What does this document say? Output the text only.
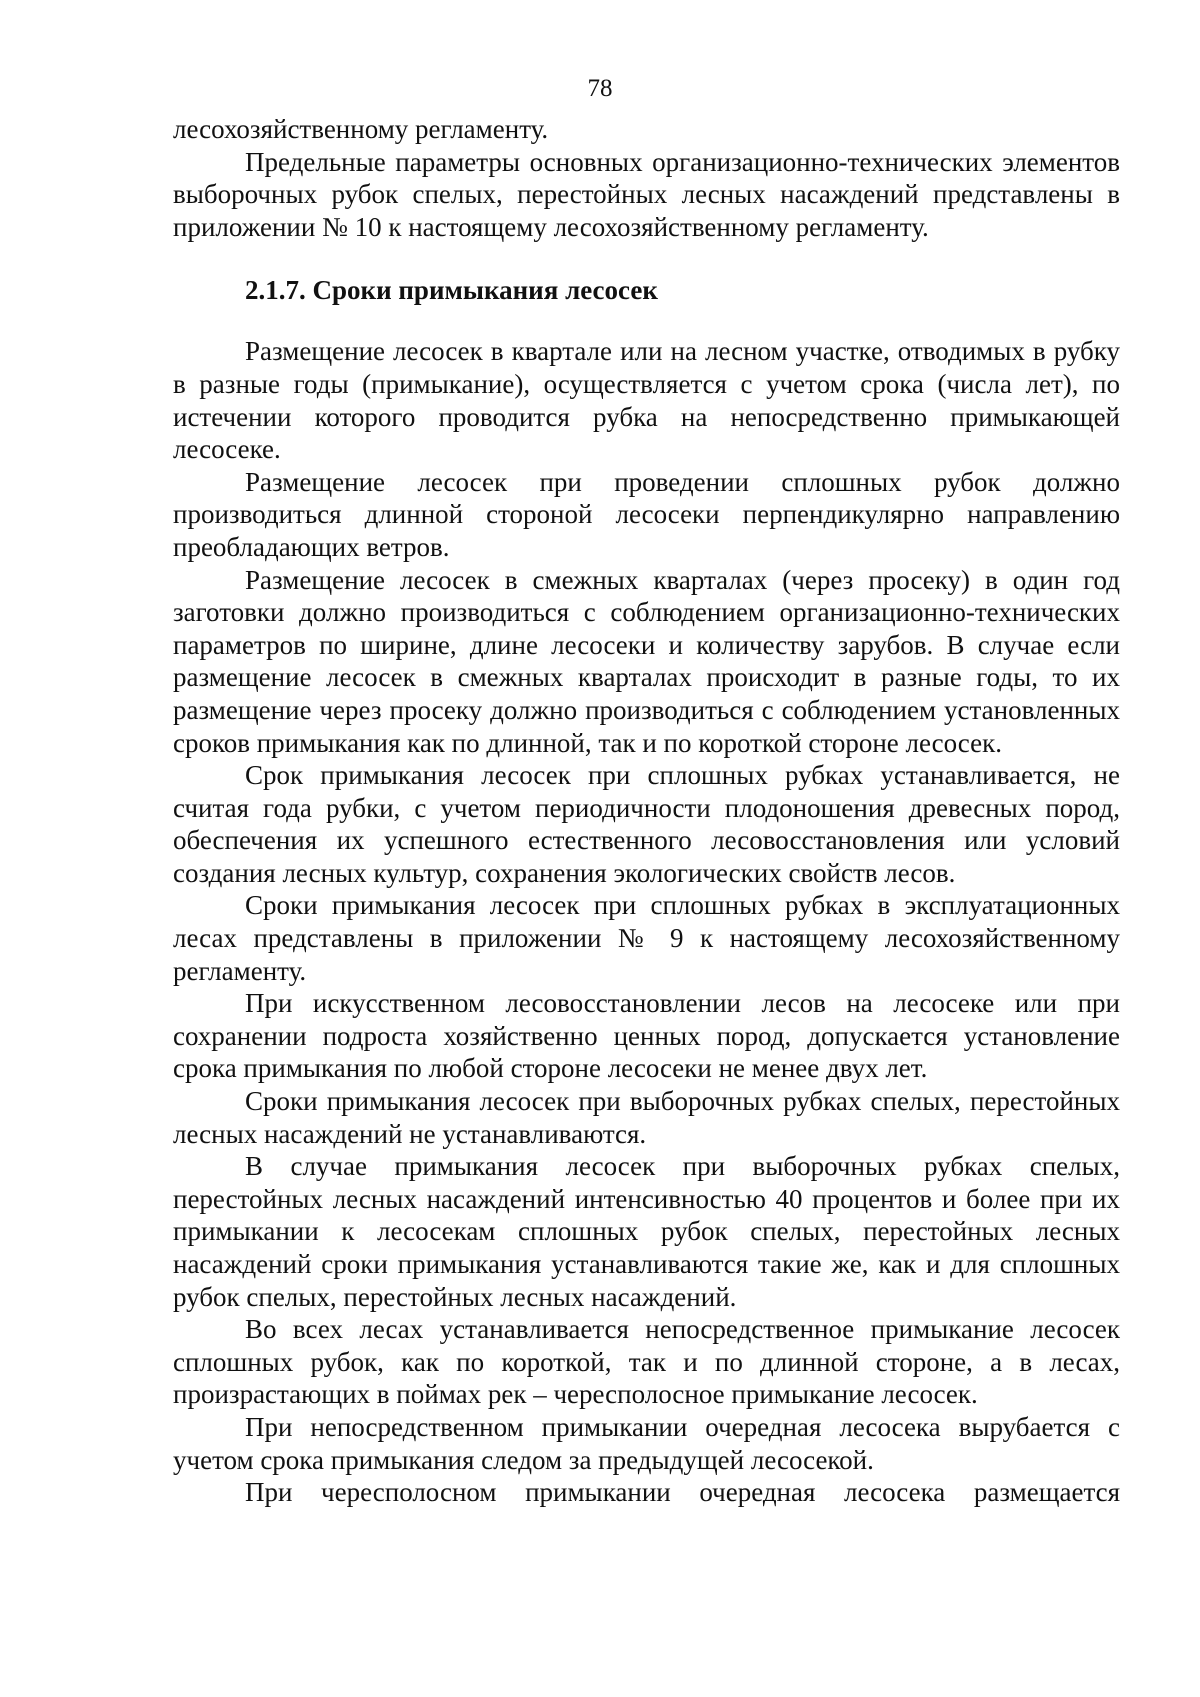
78

лесохозяйственному регламенту.

Предельные параметры основных организационно-технических элементов выборочных рубок спелых, перестойных лесных насаждений представлены в приложении № 10 к настоящему лесохозяйственному регламенту.

2.1.7. Сроки примыкания лесосек

Размещение лесосек в квартале или на лесном участке, отводимых в рубку в разные годы (примыкание), осуществляется с учетом срока (числа лет), по истечении которого проводится рубка на непосредственно примыкающей лесосеке.

Размещение лесосек при проведении сплошных рубок должно производиться длинной стороной лесосеки перпендикулярно направлению преобладающих ветров.

Размещение лесосек в смежных кварталах (через просеку) в один год заготовки должно производиться с соблюдением организационно-технических параметров по ширине, длине лесосеки и количеству зарубов. В случае если размещение лесосек в смежных кварталах происходит в разные годы, то их размещение через просеку должно производиться с соблюдением установленных сроков примыкания как по длинной, так и по короткой стороне лесосек.

Срок примыкания лесосек при сплошных рубках устанавливается, не считая года рубки, с учетом периодичности плодоношения древесных пород, обеспечения их успешного естественного лесовосстановления или условий создания лесных культур, сохранения экологических свойств лесов.

Сроки примыкания лесосек при сплошных рубках в эксплуатационных лесах представлены в приложении № 9 к настоящему лесохозяйственному регламенту.

При искусственном лесовосстановлении лесов на лесосеке или при сохранении подроста хозяйственно ценных пород, допускается установление срока примыкания по любой стороне лесосеки не менее двух лет.

Сроки примыкания лесосек при выборочных рубках спелых, перестойных лесных насаждений не устанавливаются.

В случае примыкания лесосек при выборочных рубках спелых, перестойных лесных насаждений интенсивностью 40 процентов и более при их примыкании к лесосекам сплошных рубок спелых, перестойных лесных насаждений сроки примыкания устанавливаются такие же, как и для сплошных рубок спелых, перестойных лесных насаждений.

Во всех лесах устанавливается непосредственное примыкание лесосек сплошных рубок, как по короткой, так и по длинной стороне, а в лесах, произрастающих в поймах рек – чересполосное примыкание лесосек.

При непосредственном примыкании очередная лесосека вырубается с учетом срока примыкания следом за предыдущей лесосекой.

При чересполосном примыкании очередная лесосека размещается
